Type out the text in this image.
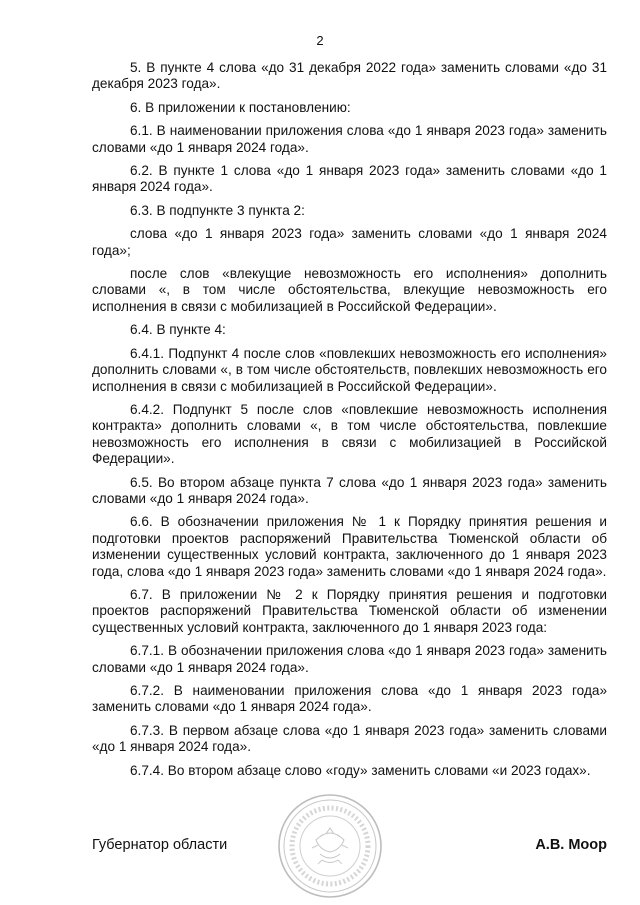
2

5. В пункте 4 слова «до 31 декабря 2022 года» заменить словами «до 31 декабря 2023 года».

6. В приложении к постановлению:

6.1. В наименовании приложения слова «до 1 января 2023 года» заменить словами «до 1 января 2024 года».

6.2. В пункте 1 слова «до 1 января 2023 года» заменить словами «до 1 января 2024 года».

6.3. В подпункте 3 пункта 2:

слова «до 1 января 2023 года» заменить словами «до 1 января 2024 года»;

после слов «влекущие невозможность его исполнения» дополнить словами «, в том числе обстоятельства, влекущие невозможность его исполнения в связи с мобилизацией в Российской Федерации».

6.4. В пункте 4:

6.4.1. Подпункт 4 после слов «повлекших невозможность его исполнения» дополнить словами «, в том числе обстоятельств, повлекших невозможность его исполнения в связи с мобилизацией в Российской Федерации».

6.4.2. Подпункт 5 после слов «повлекшие невозможность исполнения контракта» дополнить словами «, в том числе обстоятельства, повлекшие невозможность его исполнения в связи с мобилизацией в Российской Федерации».

6.5. Во втором абзаце пункта 7 слова «до 1 января 2023 года» заменить словами «до 1 января 2024 года».

6.6. В обозначении приложения № 1 к Порядку принятия решения и подготовки проектов распоряжений Правительства Тюменской области об изменении существенных условий контракта, заключенного до 1 января 2023 года, слова «до 1 января 2023 года» заменить словами «до 1 января 2024 года».

6.7. В приложении № 2 к Порядку принятия решения и подготовки проектов распоряжений Правительства Тюменской области об изменении существенных условий контракта, заключенного до 1 января 2023 года:

6.7.1. В обозначении приложения слова «до 1 января 2023 года» заменить словами «до 1 января 2024 года».

6.7.2. В наименовании приложения слова «до 1 января 2023 года» заменить словами «до 1 января 2024 года».

6.7.3. В первом абзаце слова «до 1 января 2023 года» заменить словами «до 1 января 2024 года».

6.7.4. Во втором абзаце слово «году» заменить словами «и 2023 годах».

Губернатор области	А.В. Моор
